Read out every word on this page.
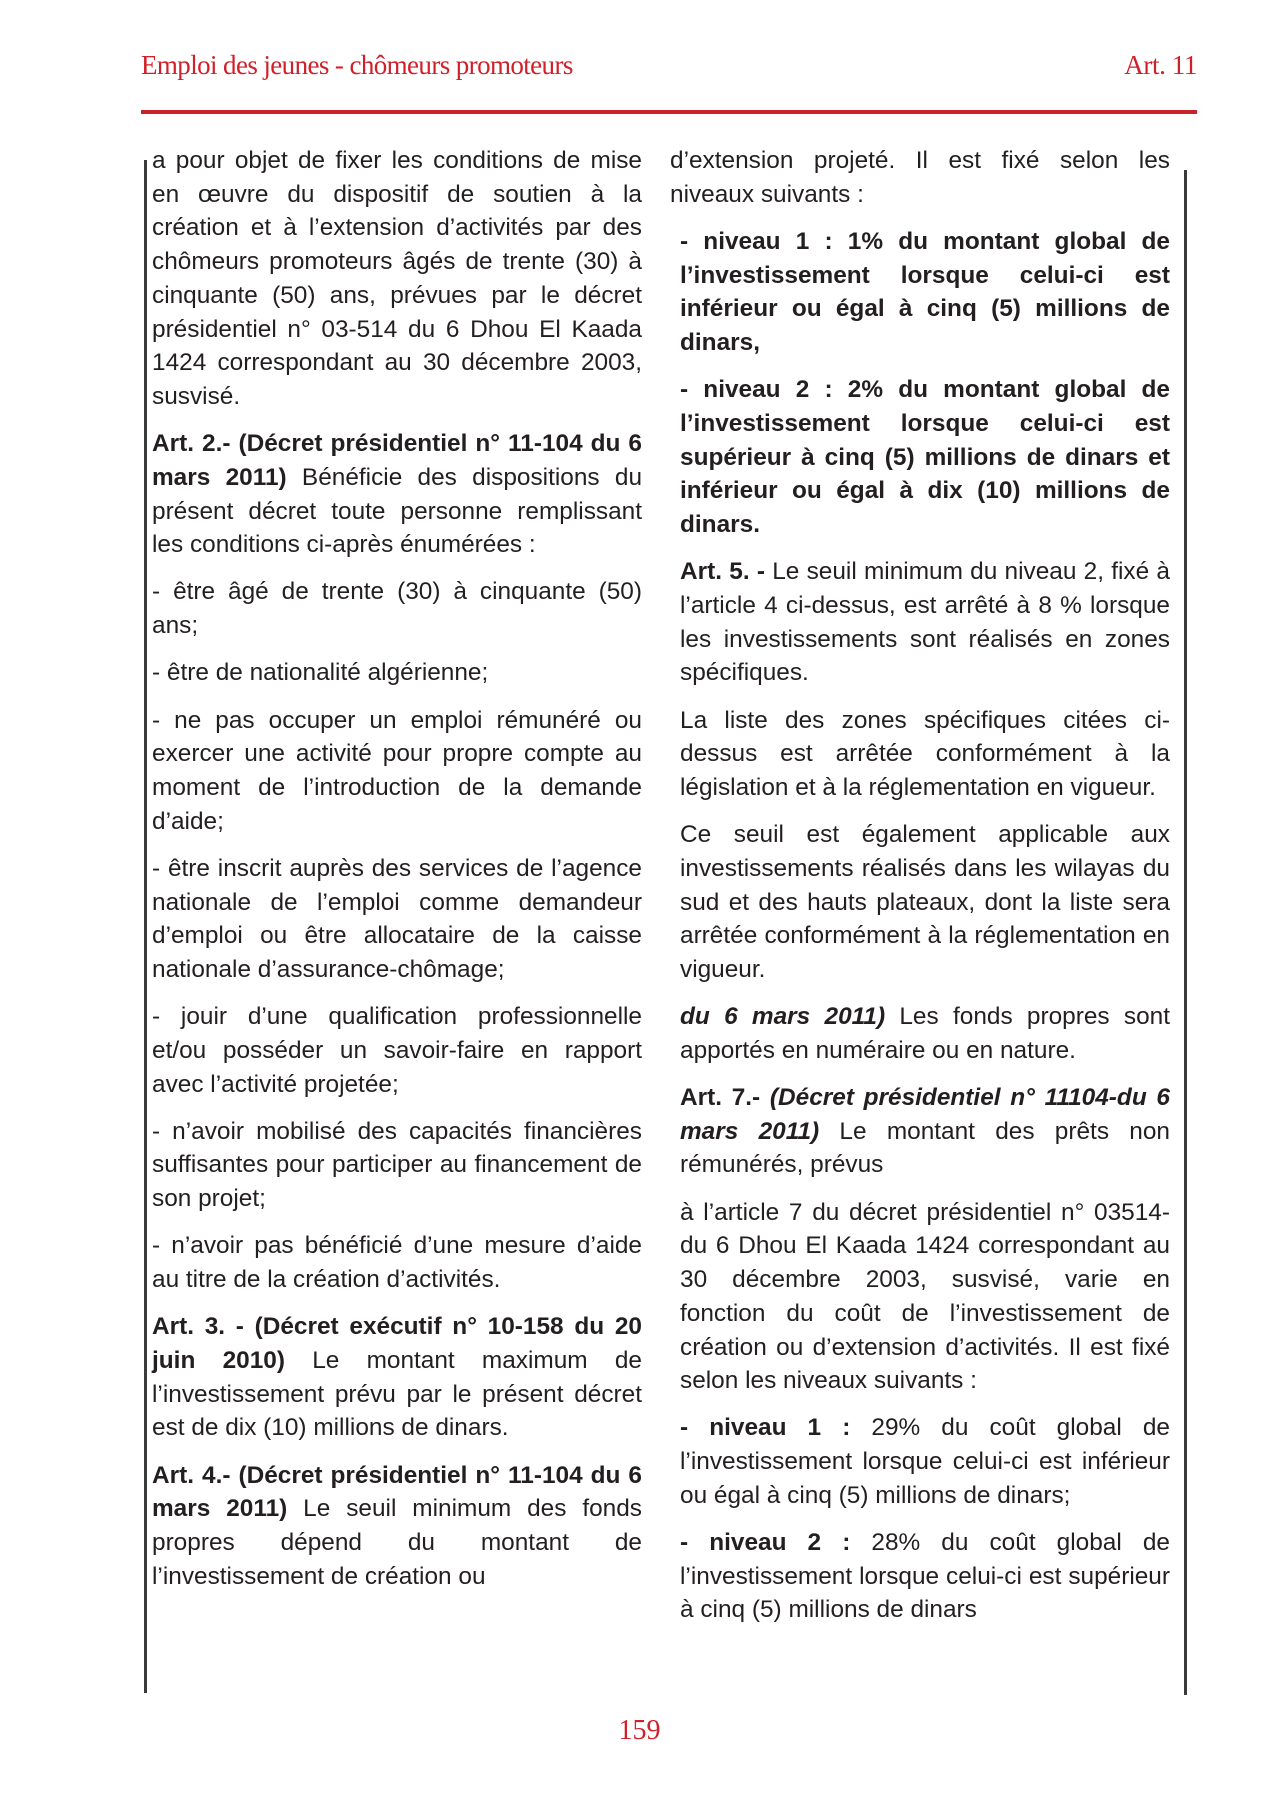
Emploi des jeunes - chômeurs promoteurs	Art. 11

a pour objet de fixer les conditions de mise en œuvre du dispositif de soutien à la création et à l’extension d’activités par des chômeurs promoteurs âgés de trente (30) à cinquante (50) ans, prévues par le décret présidentiel n° 03-514 du 6 Dhou El Kaada 1424 correspondant au 30 décembre 2003, susvisé.

Art. 2.- (Décret présidentiel n° 11-104 du 6 mars 2011) Bénéficie des dispositions du présent décret toute personne remplissant les conditions ci-après énumérées :

- être âgé de trente (30) à cinquante (50) ans;

- être de nationalité algérienne;

- ne pas occuper un emploi rémunéré ou exercer une activité pour propre compte au moment de l’introduction de la demande d’aide;

- être inscrit auprès des services de l’agence nationale de l’emploi comme demandeur d’emploi ou être allocataire de la caisse nationale d’assurance-chômage;

- jouir d’une qualification professionnelle et/ou posséder un savoir-faire en rapport avec l’activité projetée;

- n’avoir mobilisé des capacités financières suffisantes pour participer au financement de son projet;

- n’avoir pas bénéficié d’une mesure d’aide au titre de la création d’activités.

Art. 3. - (Décret exécutif n° 10-158 du 20 juin 2010) Le montant maximum de l’investissement prévu par le présent décret est de dix (10) millions de dinars.

Art. 4.- (Décret présidentiel n° 11-104 du 6 mars 2011) Le seuil minimum des fonds propres dépend du montant de l’investissement de création ou

d’extension projeté. Il est fixé selon les niveaux suivants :

- niveau 1 : 1% du montant global de l’investissement lorsque celui-ci est inférieur ou égal à cinq (5) millions de dinars,

- niveau 2 : 2% du montant global de l’investissement lorsque celui-ci est supérieur à cinq (5) millions de dinars et inférieur ou égal à dix (10) millions de dinars.

Art. 5. - Le seuil minimum du niveau 2, fixé à l’article 4 ci-dessus, est arrêté à 8 % lorsque les investissements sont réalisés en zones spécifiques.

La liste des zones spécifiques citées ci-dessus est arrêtée conformément à la législation et à la réglementation en vigueur.

Ce seuil est également applicable aux investissements réalisés dans les wilayas du sud et des hauts plateaux, dont la liste sera arrêtée conformément à la réglementation en vigueur.

du 6 mars 2011) Les fonds propres sont apportés en numéraire ou en nature.

Art. 7.- (Décret présidentiel n° 11104-du 6 mars 2011) Le montant des prêts non rémunérés, prévus

à l’article 7 du décret présidentiel n° 03514-du 6 Dhou El Kaada 1424 correspondant au 30 décembre 2003, susvisé, varie en fonction du coût de l’investissement de création ou d’extension d’activités. Il est fixé selon les niveaux suivants :

- niveau 1 : 29% du coût global de l’investissement lorsque celui-ci est inférieur ou égal à cinq (5) millions de dinars;

- niveau 2 : 28% du coût global de l’investissement lorsque celui-ci est supérieur à cinq (5) millions de dinars

159
